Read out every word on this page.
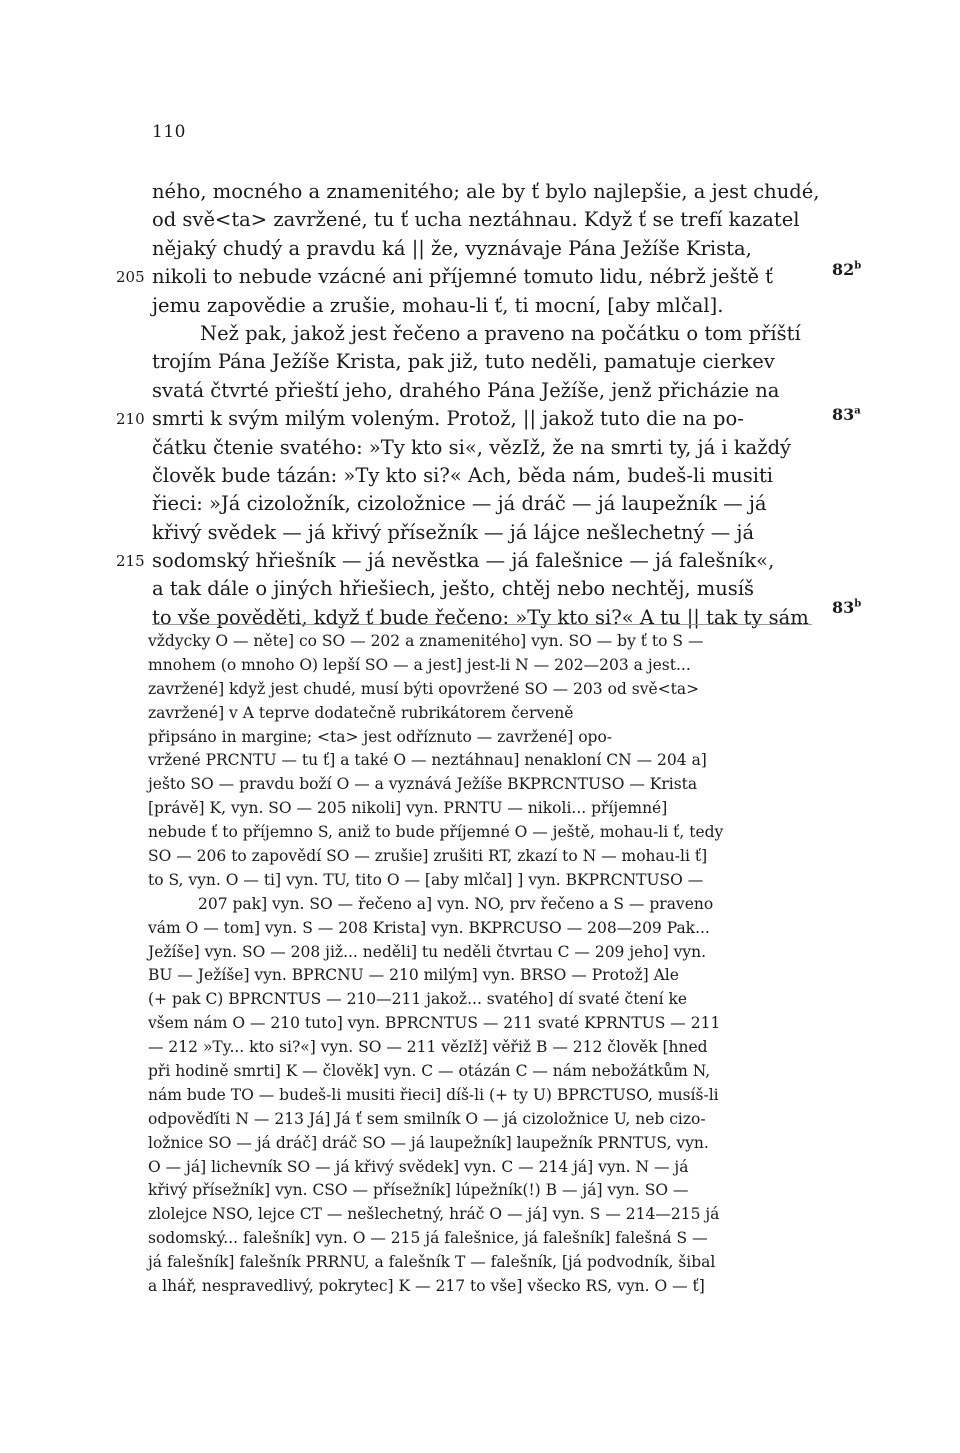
110
ného, mocného a znamenitého; ale by ť bylo najlepšie, a jest chudé,
od svě<ta> zavržené, tu ť ucha neztáhnau. Když ť se trefí kazatel
nějaký chudý a pravdu ká || že, vyznávaje Pána Ježíše Krista,
205 nikoli to nebude vzácné ani příjemné tomuto lidu, nébrž ještě ť
jemu zapovědie a zrušie, mohau-li ť, ti mocní, [aby mlčal].
Než pak, jakož jest řečeno a praveno na počátku o tom příští
trojím Pána Ježíše Krista, pak již, tuto neděli, pamatuje cierkev
svatá čtvrté přieští jeho, drahého Pána Ježíše, jenž přicházie na
210 smrti k svým milým voleným. Protož, || jakož tuto die na po-
čátku čtenie svatého: »Ty kto si«, vězIž, že na smrti ty, já i každý
člověk bude tázán: »Ty kto si?« Ach, běda nám, budeš-li musiti
řieci: »Já cizoložník, cizoložnice — já dráč — já laupežník — já
křivý svědek — já křivý přísežník — já lájce nešlechetný — já
215 sodomský hřiešník — já nevěstka — já falešnice — já falešník«,
a tak dále o jiných hřiešiech, ješto, chtěj nebo nechtěj, musíš
to vše pověděti, když ť bude řečeno: »Ty kto si?« A tu || tak ty sám
82$^b$
83$^a$
83$^b$
vždycky O — něte] co SO — 202 a znamenitého] vyn. SO — by ť to S —
mnohem (o mnoho O) lepší SO — a jest] jest-li N — 202—203 a jest...
zavržené] když jest chudé, musí býti opovržené SO — 203 od svě<ta>
zavržené] v A teprve dodatečně rubrikátorem červeně
připsáno in margine; <ta> jest odříznuto — zavržené] opo-
vržené PRCNTU — tu ť] a také O — neztáhnau] nenakloní CN — 204 a]
ješto SO — pravdu boží O — a vyznává Ježíše BKPRCNTUSO — Krista
[právě] K, vyn. SO — 205 nikoli] vyn. PRNTU — nikoli... příjemné]
nebude ť to příjemno S, aniž to bude příjemné O — ještě, mohau-li ť, tedy
SO — 206 to zapovědí SO — zrušie] zrušiti RT, zkazí to N — mohau-li ť]
to S, vyn. O — ti] vyn. TU, tito O — [aby mlčal] ] vyn. BKPRCNTUSO —
207 pak] vyn. SO — řečeno a] vyn. NO, prv řečeno a S — praveno
vám O — tom] vyn. S — 208 Krista] vyn. BKPRCUSO — 208—209 Pak...
Ježíše] vyn. SO — 208 již... neděli] tu neděli čtvrtau C — 209 jeho] vyn.
BU — Ježíše] vyn. BPRCNU — 210 milým] vyn. BRSO — Protož] Ale
(+ pak C) BPRCNTUS — 210—211 jakož... svatého] dí svaté čtení ke
všem nám O — 210 tuto] vyn. BPRCNTUS — 211 svaté KPRNTUS — 211
— 212 »Ty... kto si?«] vyn. SO — 211 vězIž] věřiž B — 212 člověk [hned
při hodině smrti] K — člověk] vyn. C — otázán C — nám nebožátkům N,
nám bude TO — budeš-li musiti řieci] díš-li (+ ty U) BPRCTUSO, musíš-li
odpověďíti N — 213 Já] Já ť sem smilník O — já cizoložnice U, neb cizo-
ložnice SO — já dráč] dráč SO — já laupežník] laupežník PRNTUS, vyn.
O — já] lichevník SO — já křivý svědek] vyn. C — 214 já] vyn. N — já
křivý přísežník] vyn. CSO — přísežník] lúpežník(!) B — já] vyn. SO —
zlolejce NSO, lejce CT — nešlechetný, hráč O — já] vyn. S — 214—215 já
sodomský... falešník] vyn. O — 215 já falešnice, já falešník] falešná S —
já falešník] falešník PRRNU, a falešník T — falešník, [já podvodník, šibal
a lhář, nespravedlivý, pokrytec] K — 217 to vše] všecko RS, vyn. O — ť]
